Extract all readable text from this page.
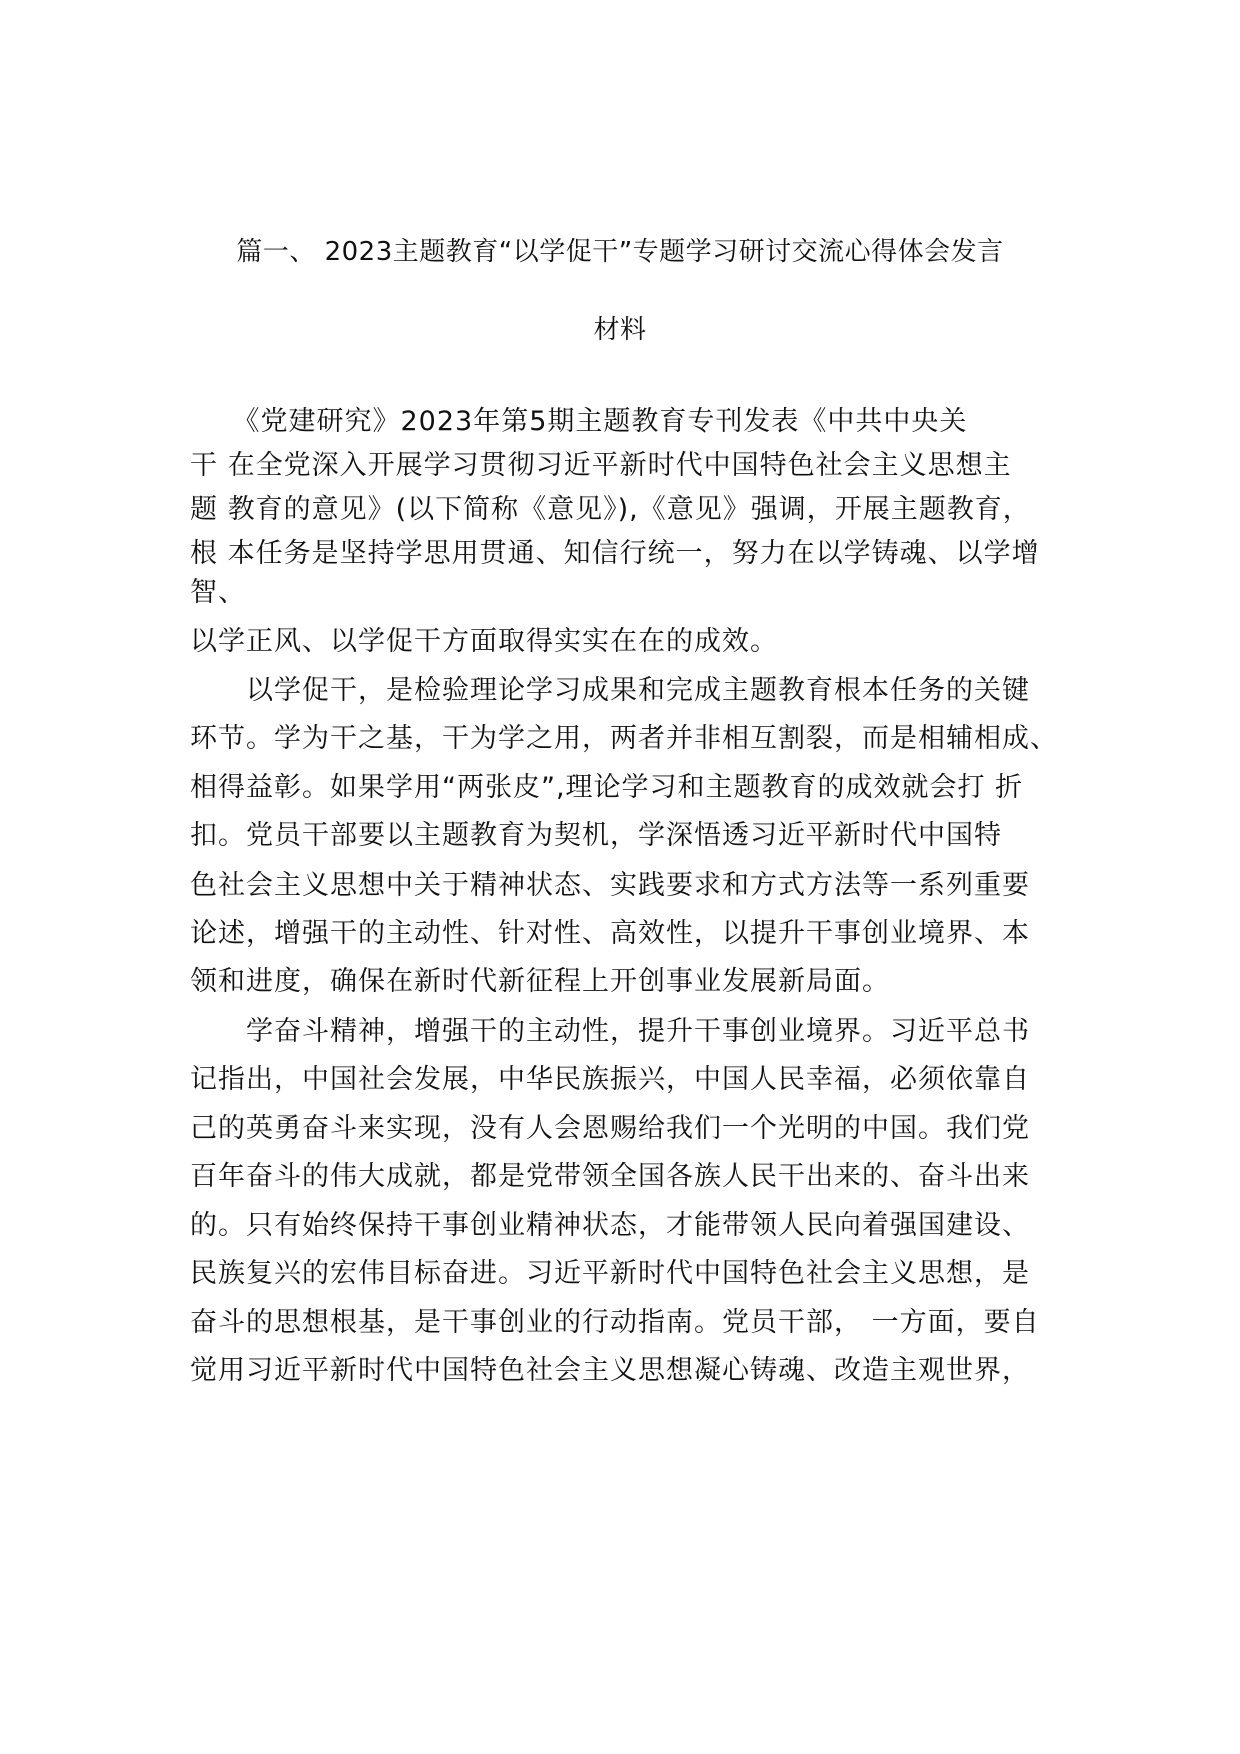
篇一、 2023主题教育“以学促干”专题学习研讨交流心得体会发言
材料
　　《党建研究》2023年第5期主题教育专刊发表《中共中央关
干 在全党深入开展学习贯彻习近平新时代中国特色社会主义思想主
题 教育的意见》(以下简称《意见》),《意见》强调，开展主题教育，
根 本任务是坚持学思用贯通、知信行统一，努力在以学铸魂、以学增
智、
以学正风、以学促干方面取得实实在在的成效。
　　以学促干，是检验理论学习成果和完成主题教育根本任务的关键
环节。学为干之基，干为学之用，两者并非相互割裂，而是相辅相成、
相得益彰。如果学用“两张皮”,理论学习和主题教育的成效就会打 折
扣。党员干部要以主题教育为契机，学深悟透习近平新时代中国特
色社会主义思想中关于精神状态、实践要求和方式方法等一系列重要
论述，增强干的主动性、针对性、高效性，以提升干事创业境界、本
领和进度，确保在新时代新征程上开创事业发展新局面。
　　学奋斗精神，增强干的主动性，提升干事创业境界。习近平总书
记指出，中国社会发展，中华民族振兴，中国人民幸福，必须依靠自
己的英勇奋斗来实现，没有人会恩赐给我们一个光明的中国。我们党
百年奋斗的伟大成就，都是党带领全国各族人民干出来的、奋斗出来
的。只有始终保持干事创业精神状态，才能带领人民向着强国建设、
民族复兴的宏伟目标奋进。习近平新时代中国特色社会主义思想，是
奋斗的思想根基，是干事创业的行动指南。党员干部， 一方面，要自
觉用习近平新时代中国特色社会主义思想凝心铸魂、改造主观世界，
